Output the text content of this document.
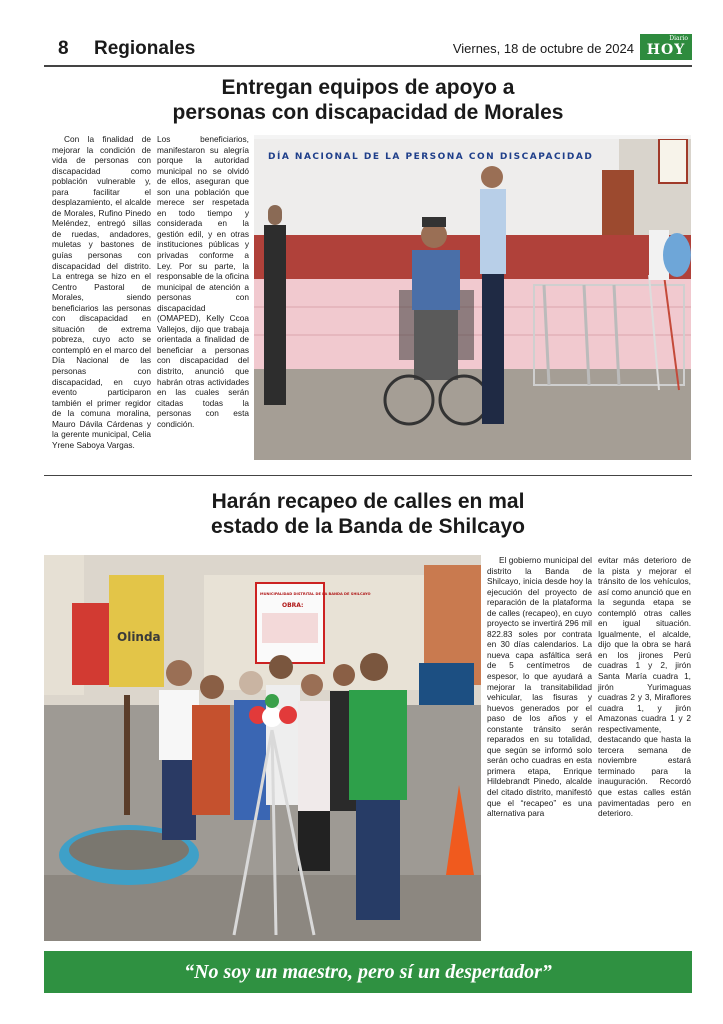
8 Regionales	Viernes, 18 de octubre de 2024
Diario
HOY
Entregan equipos de apoyo a
personas con discapacidad de Morales

Con la finalidad de mejorar la condición de vida de personas con discapacidad como población vulnerable y, para facilitar el desplazamiento, el alcalde de Morales, Rufino Pinedo Meléndez, entregó sillas de ruedas, andadores, muletas y bastones de guías personas con discapacidad del distrito. La entrega se hizo en el Centro Pastoral de Morales, siendo beneficiarios las personas con discapacidad en situación de extrema pobreza, cuyo acto se contempló en el marco del Día Nacional de las personas con discapacidad, en cuyo evento participaron también el primer regidor de la comuna moralina, Mauro Dávila Cárdenas y la gerente municipal, Celia Yrene Saboya Vargas.

Los beneficiarios, manifestaron su alegría porque la autoridad municipal no se olvidó de ellos, aseguran que son una población que merece ser respetada en todo tiempo y considerada en la gestión edil, y en otras instituciones públicas y privadas conforme a Ley. Por su parte, la responsable de la oficina municipal de atención a personas con discapacidad (OMAPED), Kelly Ccoa Vallejos, dijo que trabaja orientada a finalidad de beneficiar a personas con discapacidad del distrito, anunció que habrán otras actividades en las cuales serán citadas todas la personas con esta condición.

DÍA NACIONAL DE LA PERSONA CON DISCAPACIDAD
Harán recapeo de calles en mal
estado de la Banda de Shilcayo
Olinda
MUNICIPALIDAD DISTRITAL DE LA BANDA DE SHILCAYO
OBRA:

El gobierno municipal del distrito la Banda de Shilcayo, inicia desde hoy la ejecución del proyecto de reparación de la plataforma de calles (recapeo), en cuyo proyecto se invertirá 296 mil 822.83 soles por contrata en 30 días calendarios. La nueva capa asfáltica será de 5 centímetros de espesor, lo que ayudará a mejorar la transitabilidad vehicular, las fisuras y huevos generados por el paso de los años y el constante tránsito serán reparados en su totalidad, que según se informó solo serán ocho cuadras en esta primera etapa, Enrique Hildebrandt Pinedo, alcalde del citado distrito, manifestó que el “recapeo” es una alternativa para

evitar más deterioro de la pista y mejorar el tránsito de los vehículos, así como anunció que en la segunda etapa se contempló otras calles en igual situación. Igualmente, el alcalde, dijo que la obra se hará en los jirones Perú cuadras 1 y 2, jirón Santa María cuadra 1, jirón Yurimaguas cuadras 2 y 3, Miraflores cuadra 1, y jirón Amazonas cuadra 1 y 2 respectivamente, destacando que hasta la tercera semana de noviembre estará terminado para la inauguración. Recordó que estas calles están pavimentadas pero en deterioro.

“No soy un maestro, pero sí un despertador”
